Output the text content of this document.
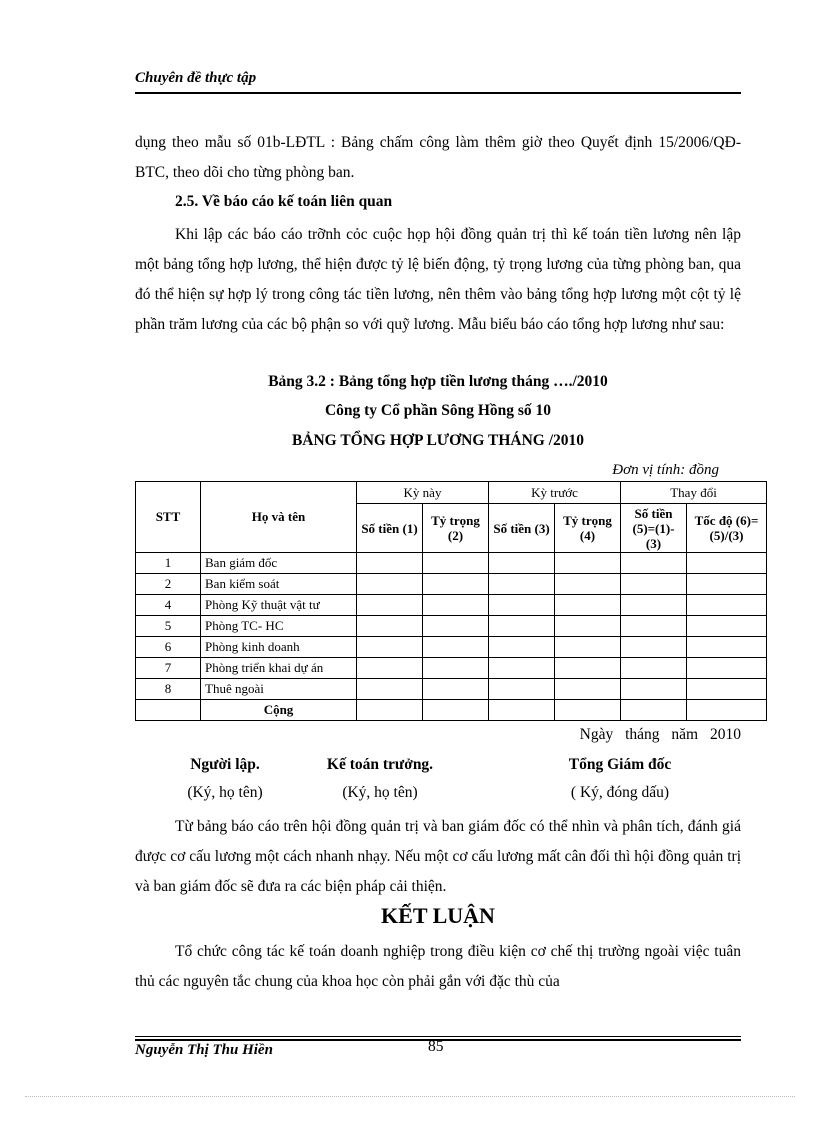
Chuyên đề thực tập

dụng theo mẫu số 01b-LĐTL : Bảng chấm công làm thêm giờ theo Quyết định 15/2006/QĐ-BTC, theo dõi cho từng phòng ban.

2.5. Về báo cáo kế toán liên quan

Khi lập các báo cáo trỡnh cỏc cuộc họp hội đồng quản trị thì kế toán tiền lương nên lập một bảng tổng hợp lương, thể hiện được tỷ lệ biến động, tỷ trọng lương của từng phòng ban, qua đó thể hiện sự hợp lý trong công tác tiền lương, nên thêm vào bảng tổng hợp lương một cột tỷ lệ phần trăm lương của các bộ phận so với quỹ lương. Mẫu biểu báo cáo tổng hợp lương như sau:

Bảng 3.2 : Bảng tổng hợp tiền lương tháng …./2010
Công ty Cổ phần Sông Hồng số 10
BẢNG TỔNG HỢP LƯƠNG THÁNG /2010
Đơn vị tính: đồng
STT	Họ và tên	Kỳ này		Kỳ trước		Thay đổi	
		Số tiền (1)	Tỷ trọng (2)	Số tiền (3)	Tỷ trọng (4)	Số tiền (5)=(1)-(3)	Tốc độ (6)=(5)/(3)
1	Ban giám đốc						
2	Ban kiểm soát						
4	Phòng Kỹ thuật vật tư						
5	Phòng TC- HC						
6	Phòng kinh doanh						
7	Phòng triển khai dự án						
8	Thuê ngoài						
	Cộng						
Ngày tháng năm 2010
Người lập.
(Ký, họ tên)
Kế toán trưởng.
(Ký, họ tên)
Tổng Giám đốc
( Ký, đóng dấu)

Từ bảng báo cáo trên hội đồng quản trị và ban giám đốc có thể nhìn và phân tích, đánh giá được cơ cấu lương một cách nhanh nhạy. Nếu một cơ cấu lương mất cân đối thì hội đồng quản trị và ban giám đốc sẽ đưa ra các biện pháp cải thiện.

KẾT LUẬN

Tổ chức công tác kế toán doanh nghiệp trong điều kiện cơ chế thị trường ngoài việc tuân thủ các nguyên tắc chung của khoa học còn phải gắn với đặc thù của

Nguyễn Thị Thu Hiền	85
